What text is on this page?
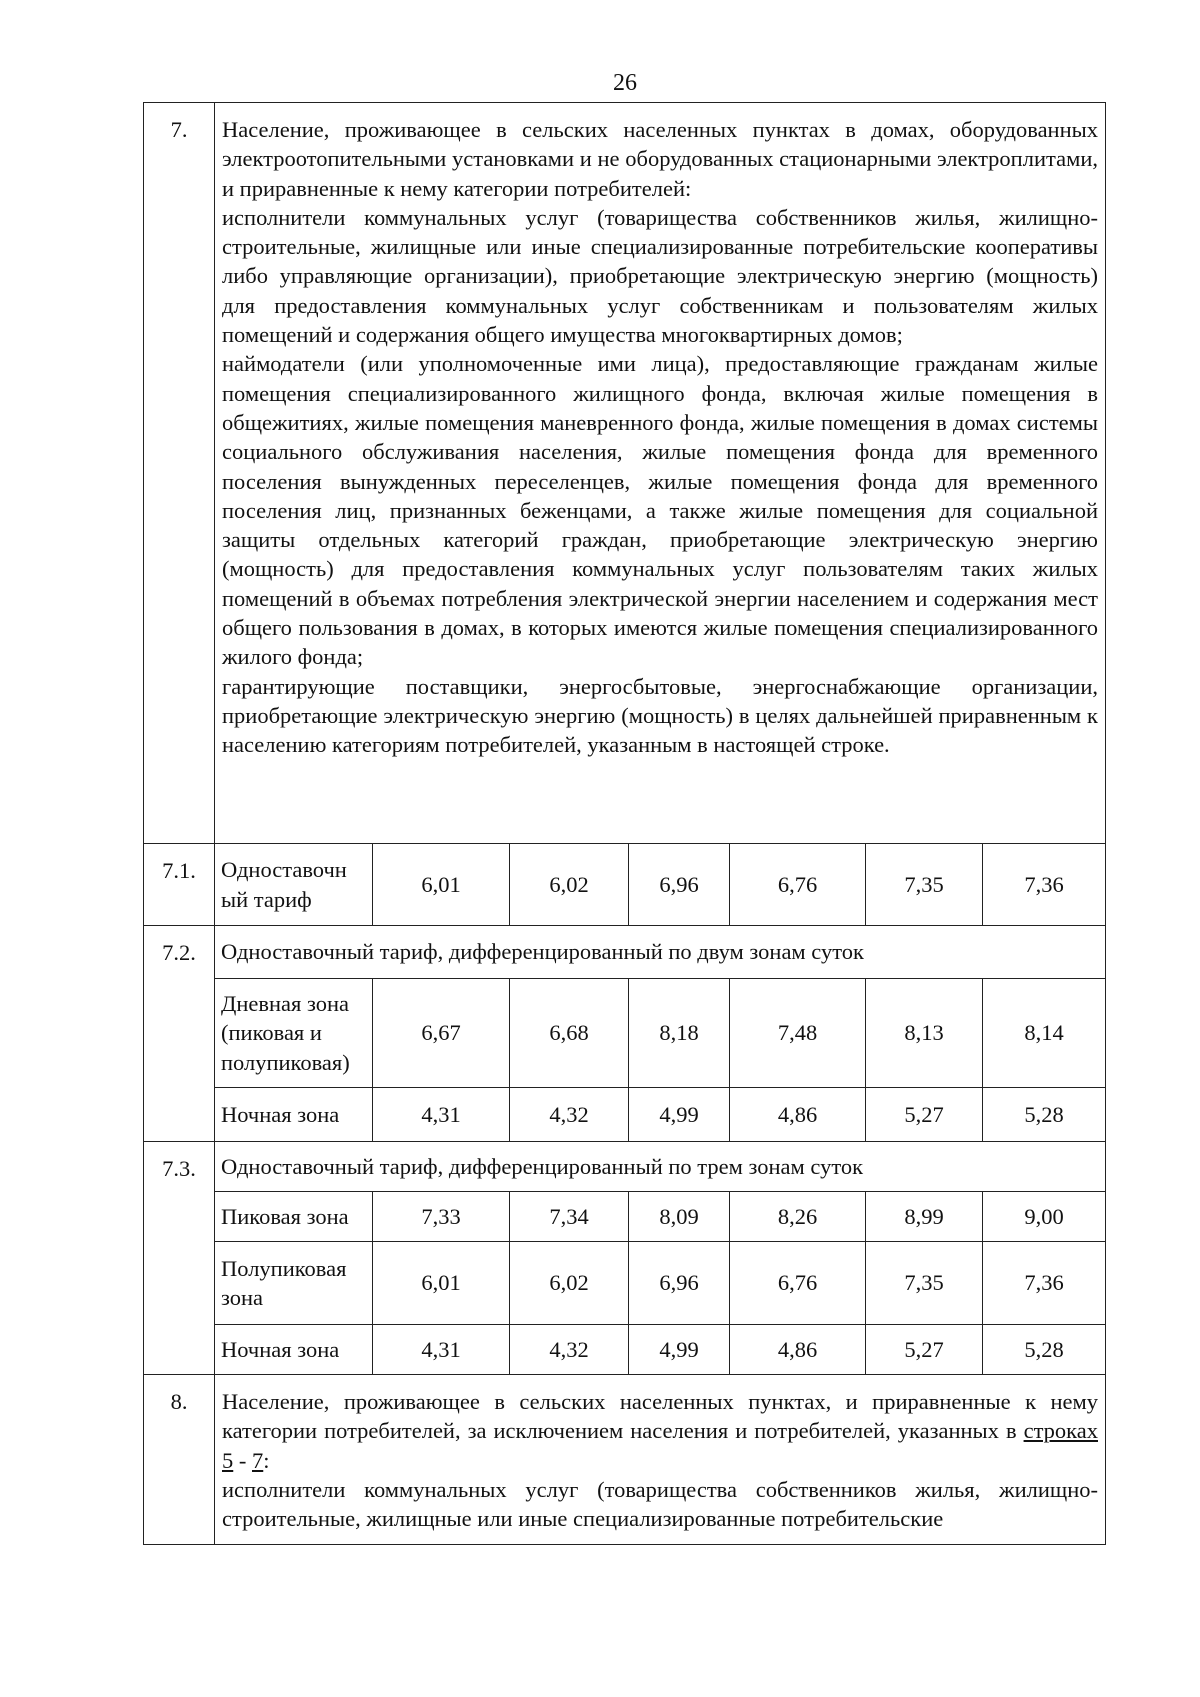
26
7.	Население, проживающее в сельских населенных пунктах в домах, оборудованных электроотопительными установками и не оборудованных стационарными электроплитами, и приравненные к нему категории потребителей:

исполнители коммунальных услуг (товарищества собственников жилья, жилищно-строительные, жилищные или иные специализированные потребительские кооперативы либо управляющие организации), приобретающие электрическую энергию (мощность) для предоставления коммунальных услуг собственникам и пользователям жилых помещений и содержания общего имущества многоквартирных домов;

наймодатели (или уполномоченные ими лица), предоставляющие гражданам жилые помещения специализированного жилищного фонда, включая жилые помещения в общежитиях, жилые помещения маневренного фонда, жилые помещения в домах системы социального обслуживания населения, жилые помещения фонда для временного поселения вынужденных переселенцев, жилые помещения фонда для временного поселения лиц, признанных беженцами, а также жилые помещения для социальной защиты отдельных категорий граждан, приобретающие электрическую энергию (мощность) для предоставления коммунальных услуг пользователям таких жилых помещений в объемах потребления электрической энергии населением и содержания мест общего пользования в домах, в которых имеются жилые помещения специализированного жилого фонда;

гарантирующие поставщики, энергосбытовые, энергоснабжающие организации, приобретающие электрическую энергию (мощность) в целях дальнейшей приравненным к населению категориям потребителей, указанным в настоящей строке.						

7.1.	Одноставочн ый тариф	6,01	6,02	6,96	6,76	7,35	7,36
7.2.	Одноставочный тариф, дифференцированный по двум зонам суток						
	Дневная зона (пиковая и полупиковая)	6,67	6,68	8,18	7,48	8,13	8,14
	Ночная зона	4,31	4,32	4,99	4,86	5,27	5,28
7.3.	Одноставочный тариф, дифференцированный по трем зонам суток						
	Пиковая зона	7,33	7,34	8,09	8,26	8,99	9,00
	Полупиковая зона	6,01	6,02	6,96	6,76	7,35	7,36
	Ночная зона	4,31	4,32	4,99	4,86	5,27	5,28
8.	Население, проживающее в сельских населенных пунктах, и приравненные к нему категории потребителей, за исключением населения и потребителей, указанных в строках 5 - 7:

исполнители коммунальных услуг (товарищества собственников жилья, жилищно-строительные, жилищные или иные специализированные потребительские						
